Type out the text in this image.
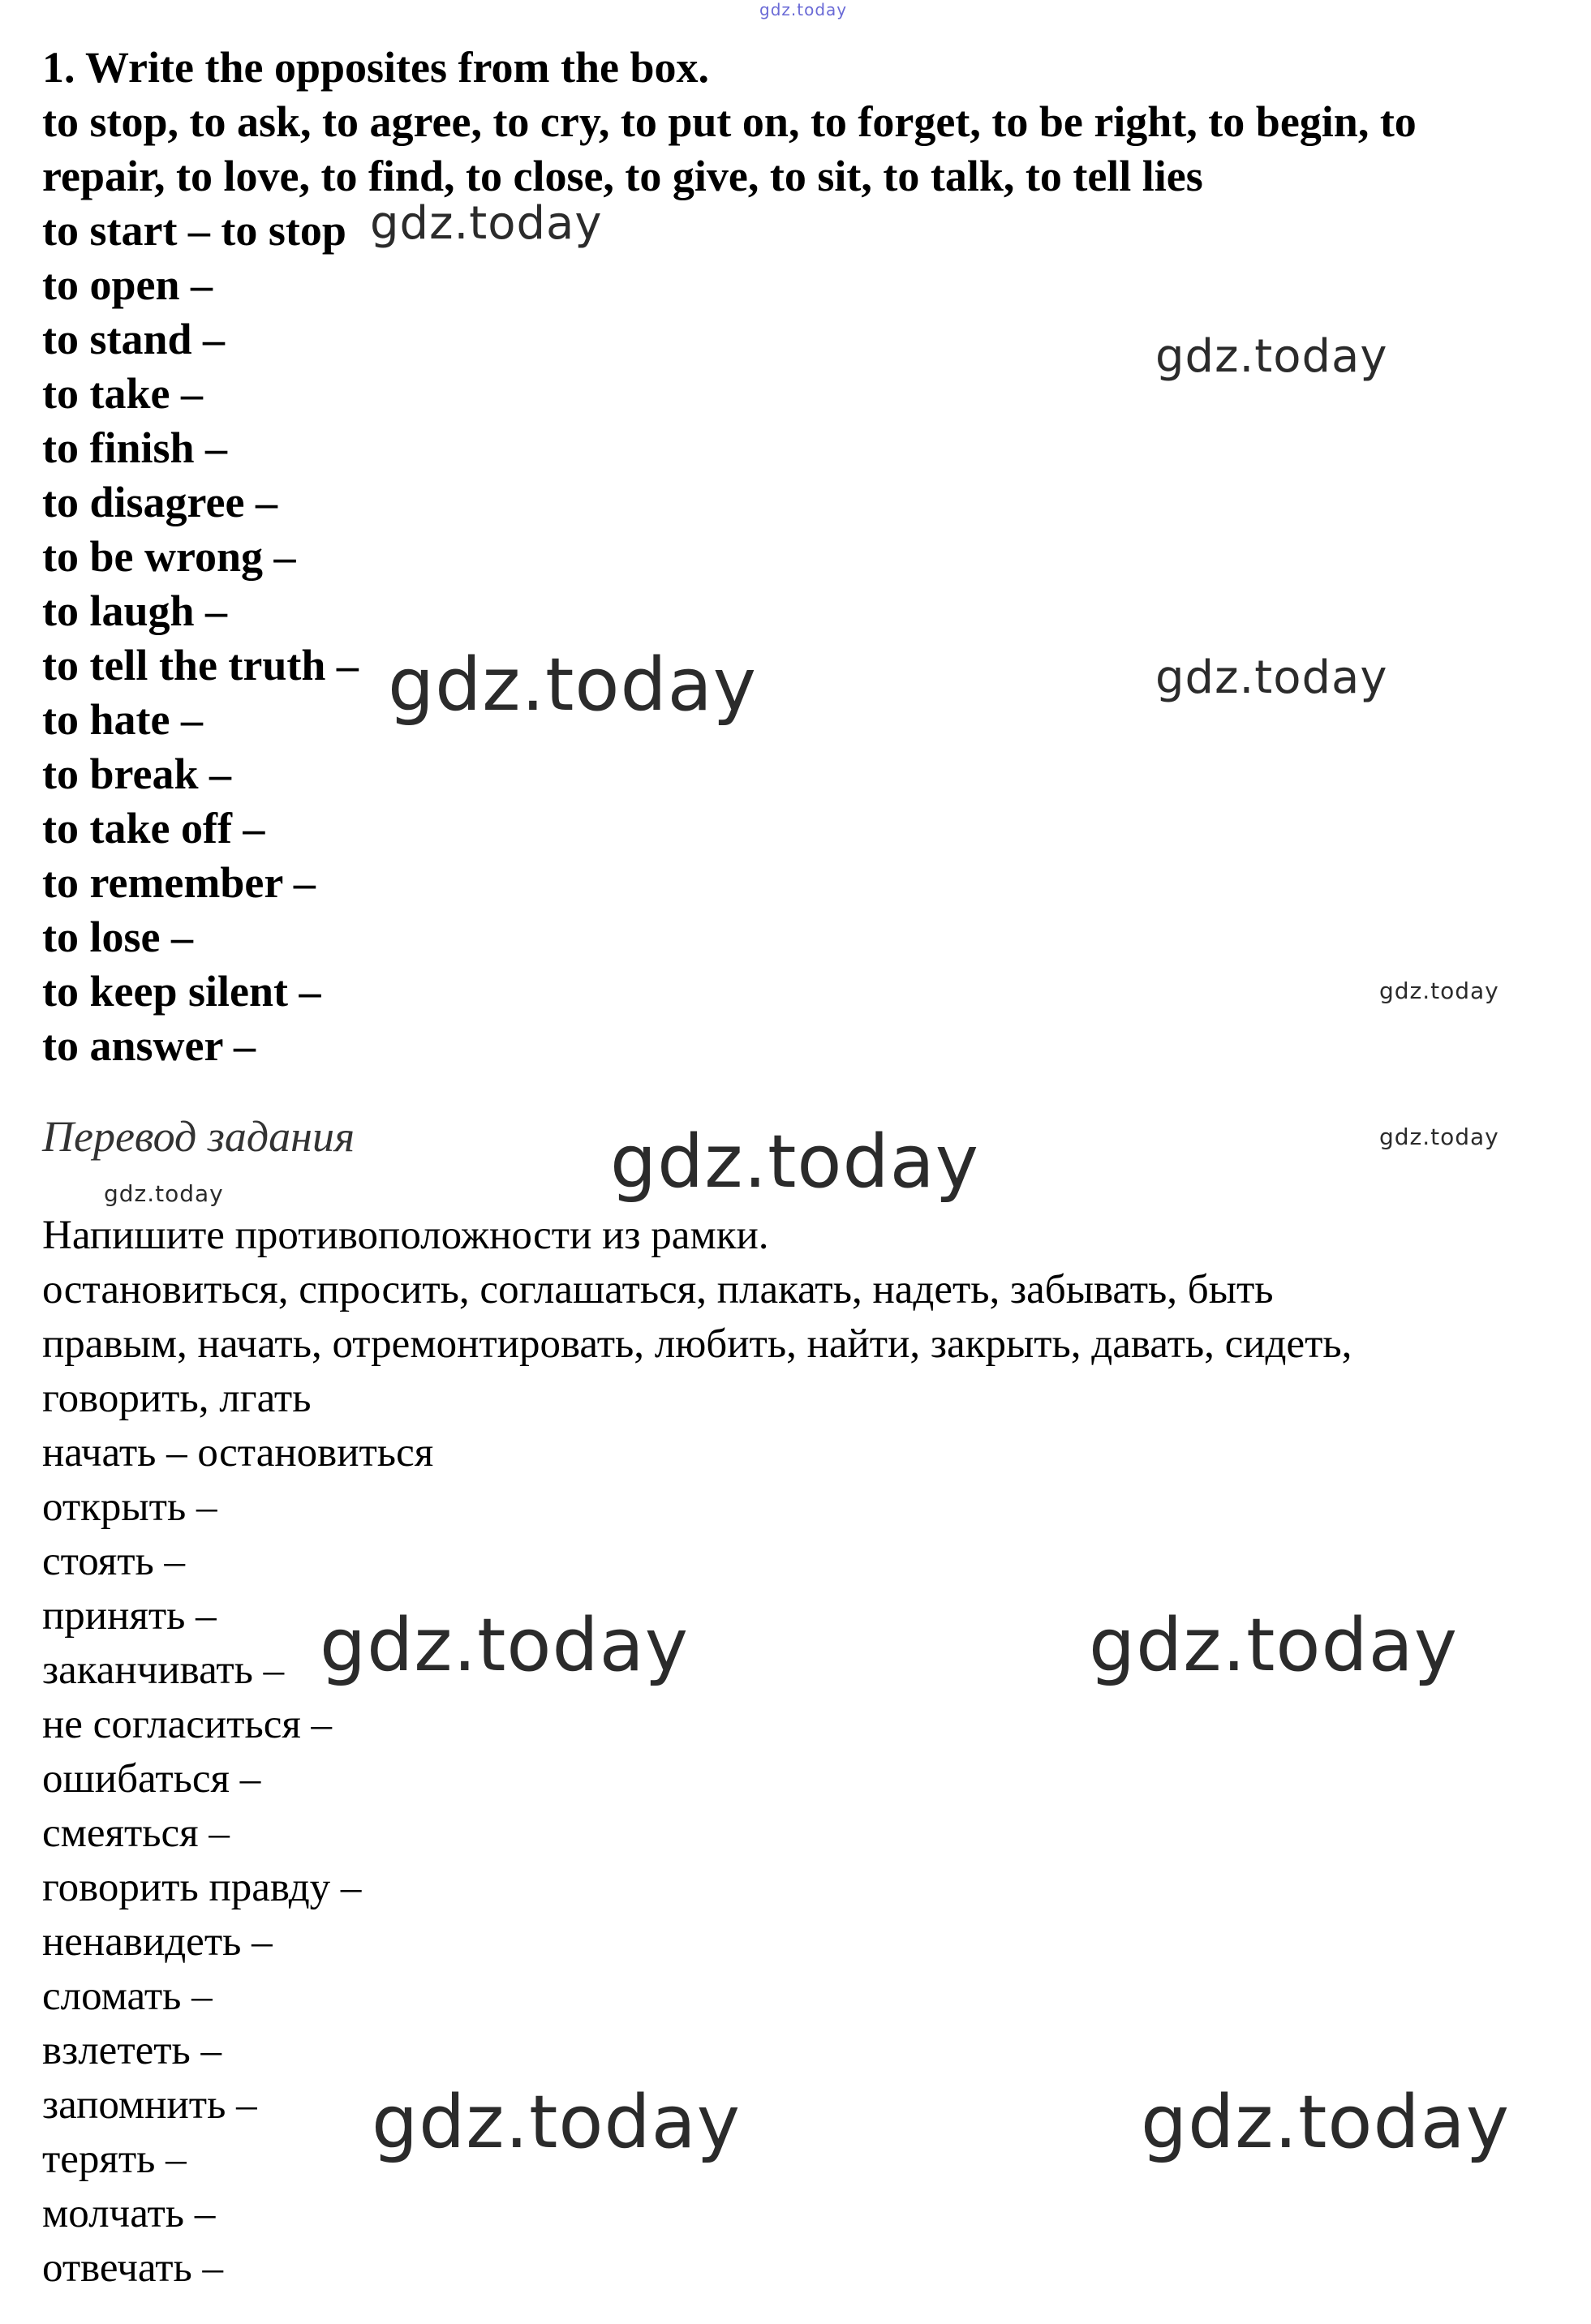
gdz.today
1. Write the opposites from the box.
to stop, to ask, to agree, to cry, to put on, to forget, to be right, to begin, to
repair, to love, to find, to close, to give, to sit, to talk, to tell lies
to start – to stop
to open –
to stand –
to take –
to finish –
to disagree –
to be wrong –
to laugh –
to tell the truth –
to hate –
to break –
to take off –
to remember –
to lose –
to keep silent –
to answer –
Перевод задания
Напишите противоположности из рамки.
остановиться, спросить, соглашаться, плакать, надеть, забывать, быть
правым, начать, отремонтировать, любить, найти, закрыть, давать, сидеть,
говорить, лгать
начать – остановиться
открыть –
стоять –
принять –
заканчивать –
не согласиться –
ошибаться –
смеяться –
говорить правду –
ненавидеть –
сломать –
взлететь –
запомнить –
терять –
молчать –
отвечать –
gdz.today
gdz.today
gdz.today	gdz.today
gdz.today
gdz.today	gdz.today
gdz.today
gdz.today	gdz.today
gdz.today	gdz.today
